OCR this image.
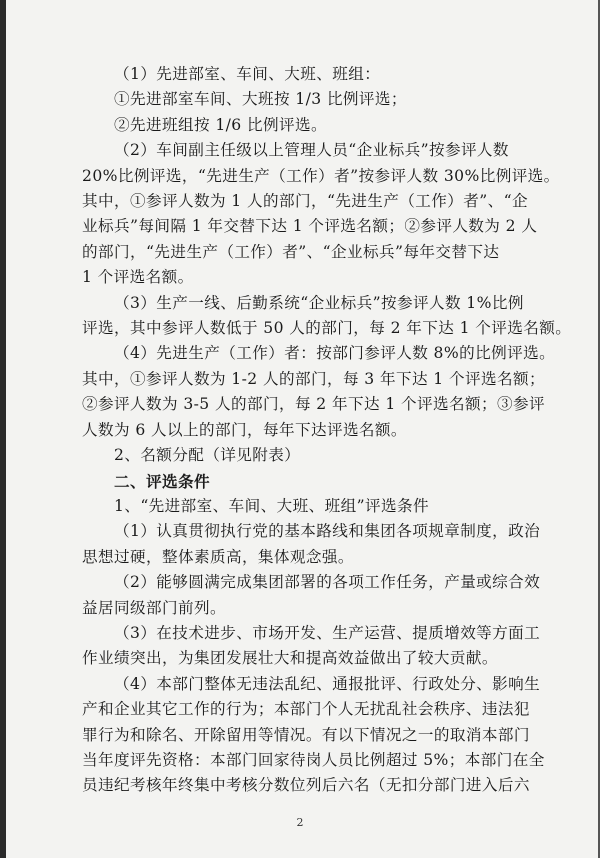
（1）先进部室、车间、大班、班组：
①先进部室车间、大班按 1/3 比例评选；
②先进班组按 1/6 比例评选。
（2）车间副主任级以上管理人员“企业标兵”按参评人数
20%比例评选，“先进生产（工作）者”按参评人数 30%比例评选。
其中，①参评人数为 1 人的部门，“先进生产（工作）者”、“企
业标兵”每间隔 1 年交替下达 1 个评选名额；②参评人数为 2 人
的部门，“先进生产（工作）者”、“企业标兵”每年交替下达
1 个评选名额。
（3）生产一线、后勤系统“企业标兵”按参评人数 1%比例
评选，其中参评人数低于 50 人的部门，每 2 年下达 1 个评选名额。
（4）先进生产（工作）者：按部门参评人数 8%的比例评选。
其中，①参评人数为 1-2 人的部门，每 3 年下达 1 个评选名额；
②参评人数为 3-5 人的部门，每 2 年下达 1 个评选名额；③参评
人数为 6 人以上的部门，每年下达评选名额。
2、名额分配（详见附表）
二、评选条件
1、“先进部室、车间、大班、班组”评选条件
（1）认真贯彻执行党的基本路线和集团各项规章制度，政治
思想过硬，整体素质高，集体观念强。
（2）能够圆满完成集团部署的各项工作任务，产量或综合效
益居同级部门前列。
（3）在技术进步、市场开发、生产运营、提质增效等方面工
作业绩突出，为集团发展壮大和提高效益做出了较大贡献。
（4）本部门整体无违法乱纪、通报批评、行政处分、影响生
产和企业其它工作的行为；本部门个人无扰乱社会秩序、违法犯
罪行为和除名、开除留用等情况。有以下情况之一的取消本部门
当年度评先资格：本部门回家待岗人员比例超过 5%；本部门在全
员违纪考核年终集中考核分数位列后六名（无扣分部门进入后六
2
